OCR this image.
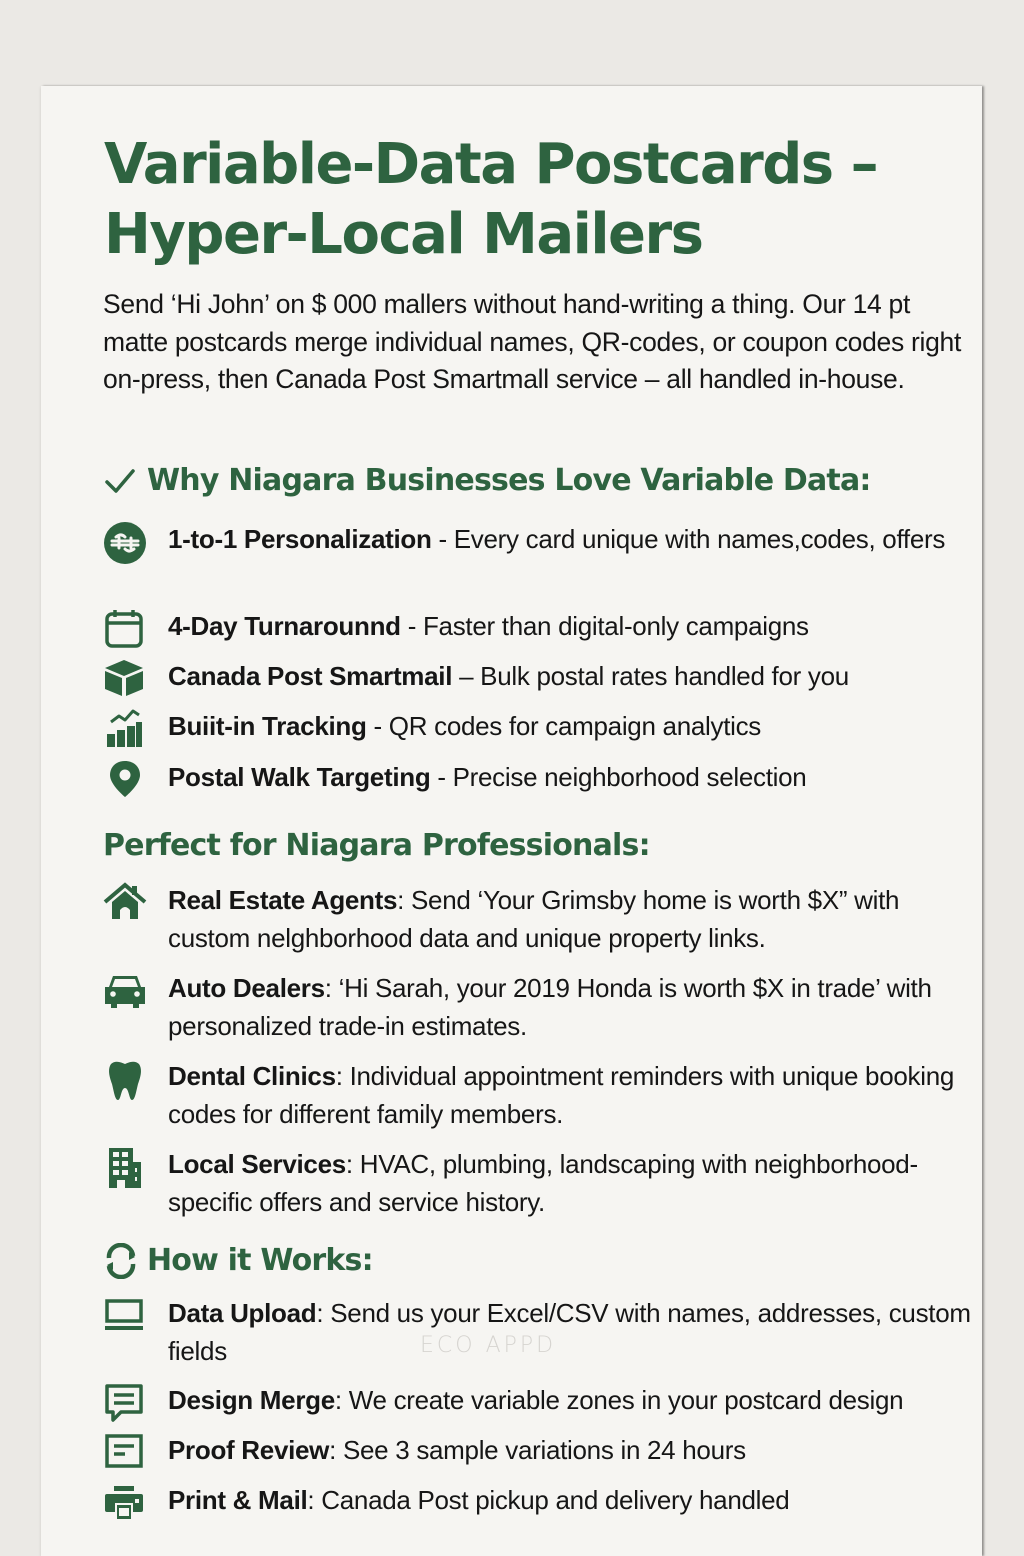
Variable-Data Postcards –
Hyper-Local Mailers

Send ‘Hi John’ on $ 000 mallers without hand-writing a thing. Our 14 pt matte postcards merge individual names, QR-codes, or coupon codes right on-press, then Canada Post Smartmall service – all handled in-house.

Why Niagara Businesses Love Variable Data:
1-to-1 Personalization - Every card unique with names,codes, offers
4-Day Turnarounnd - Faster than digital-only campaigns
Canada Post Smartmail – Bulk postal rates handled for you
Buiit-in Tracking - QR codes for campaign analytics
Postal Walk Targeting - Precise neighborhood selection
Perfect for Niagara Professionals:
Real Estate Agents: Send ‘Your Grimsby home is worth $X” with custom nelghborhood data and unique property links.
Auto Dealers: ‘Hi Sarah, your 2019 Honda is worth $X in trade’ with personalized trade-in estimates.
Dental Clinics: Individual appointment reminders with unique booking codes for different family members.
Local Services: HVAC, plumbing, landscaping with neighborhood-specific offers and service history.
How it Works:
Data Upload: Send us your Excel/CSV with names, addresses, custom fields	ECO APPD
Design Merge: We create variable zones in your postcard design
Proof Review: See 3 sample variations in 24 hours
Print & Mail: Canada Post pickup and delivery handled
